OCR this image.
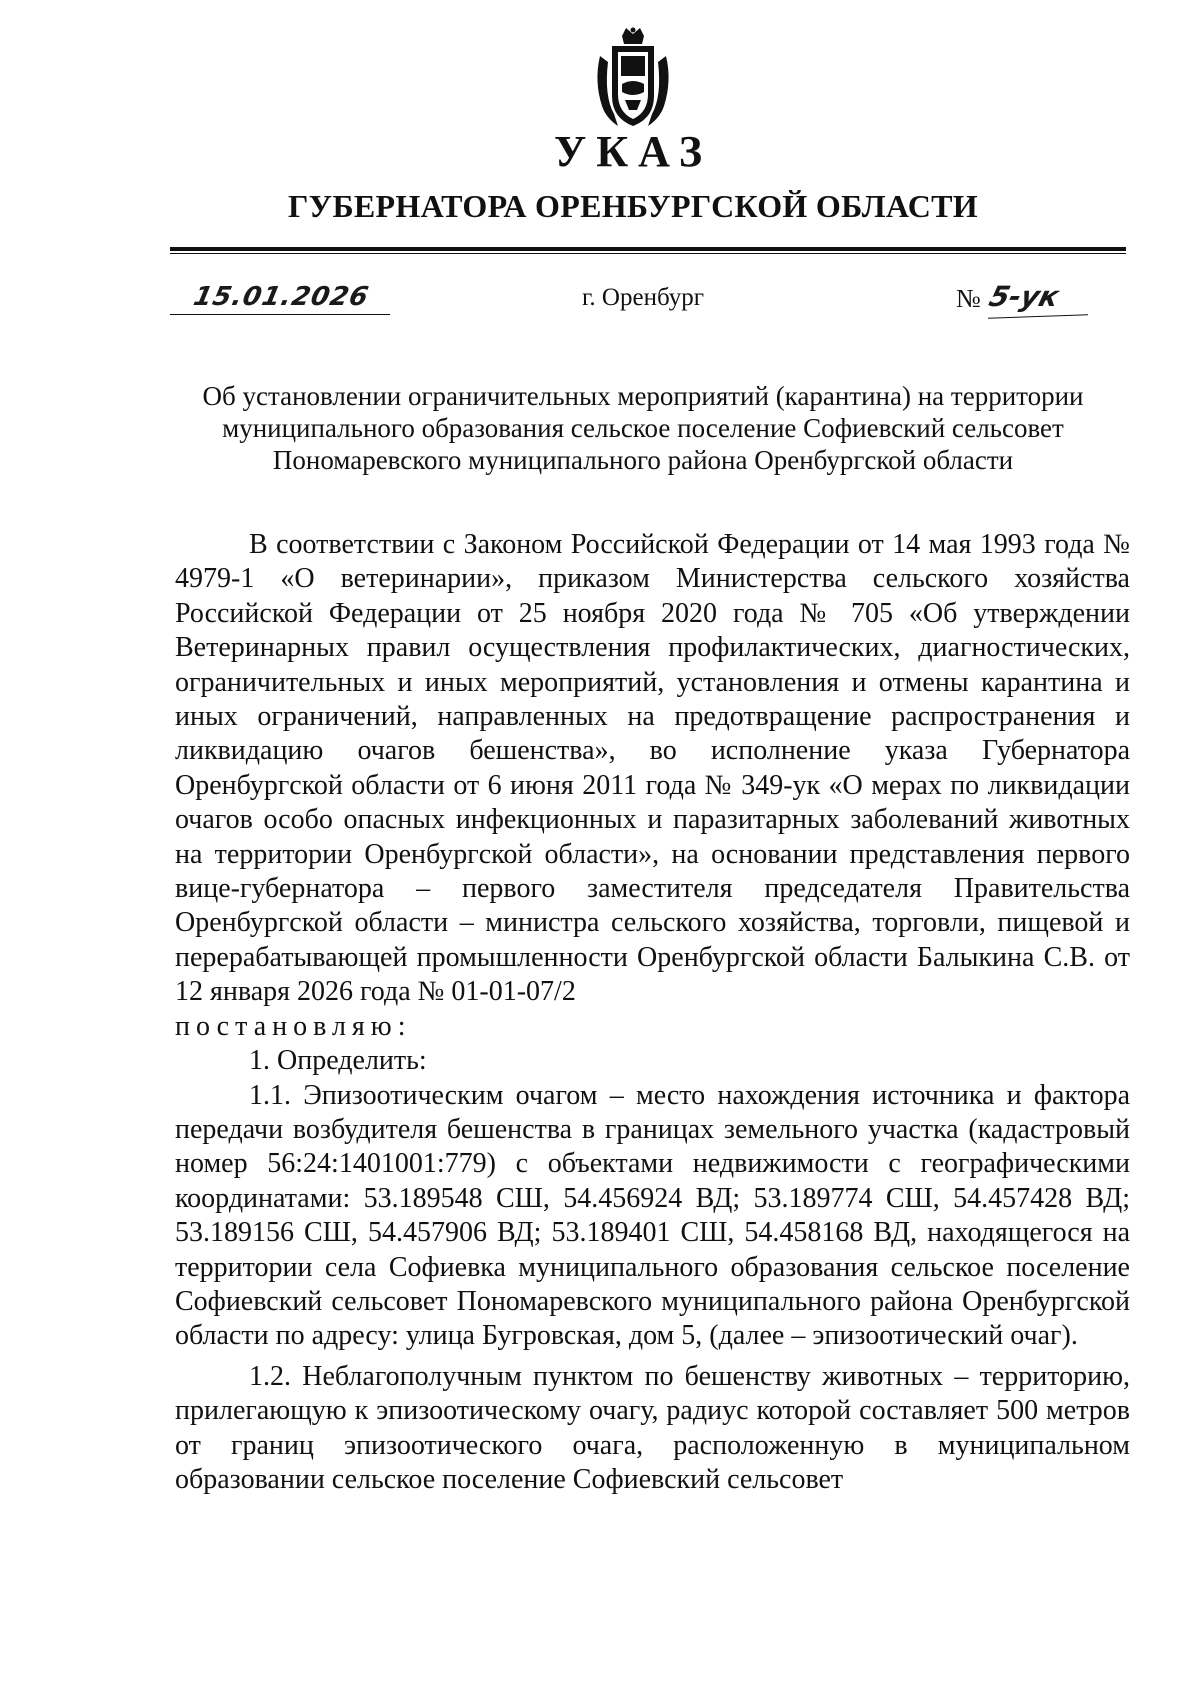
УКАЗ
ГУБЕРНАТОРА ОРЕНБУРГСКОЙ ОБЛАСТИ
15.01.2026	г. Оренбург	№ 5-ук
Об установлении ограничительных мероприятий (карантина) на территории
муниципального образования сельское поселение Софиевский сельсовет
Пономаревского муниципального района Оренбургской области

В соответствии с Законом Российской Федерации от 14 мая 1993 года № 4979-1 «О ветеринарии», приказом Министерства сельского хозяйства Российской Федерации от 25 ноября 2020 года № 705 «Об утверждении Ветеринарных правил осуществления профилактических, диагностических, ограничительных и иных мероприятий, установления и отмены карантина и иных ограничений, направленных на предотвращение распространения и ликвидацию очагов бешенства», во исполнение указа Губернатора Оренбургской области от 6 июня 2011 года № 349-ук «О мерах по ликвидации очагов особо опасных инфекционных и паразитарных заболеваний животных на территории Оренбургской области», на основании представления первого вице-губернатора – первого заместителя председателя Правительства Оренбургской области – министра сельского хозяйства, торговли, пищевой и перерабатывающей промышленности Оренбургской области Балыкина С.В. от 12 января 2026 года № 01-01-07/2

постановляю:

1. Определить:

1.1. Эпизоотическим очагом – место нахождения источника и фактора передачи возбудителя бешенства в границах земельного участка (кадастровый номер 56:24:1401001:779) с объектами недвижимости с географическими координатами: 53.189548 СШ, 54.456924 ВД; 53.189774 СШ, 54.457428 ВД; 53.189156 СШ, 54.457906 ВД; 53.189401 СШ, 54.458168 ВД, находящегося на территории села Софиевка муниципального образования сельское поселение Софиевский сельсовет Пономаревского муниципального района Оренбургской области по адресу: улица Бугровская, дом 5, (далее – эпизоотический очаг).

1.2. Неблагополучным пунктом по бешенству животных – территорию, прилегающую к эпизоотическому очагу, радиус которой составляет 500 метров от границ эпизоотического очага, расположенную в муниципальном образовании сельское поселение Софиевский сельсовет
